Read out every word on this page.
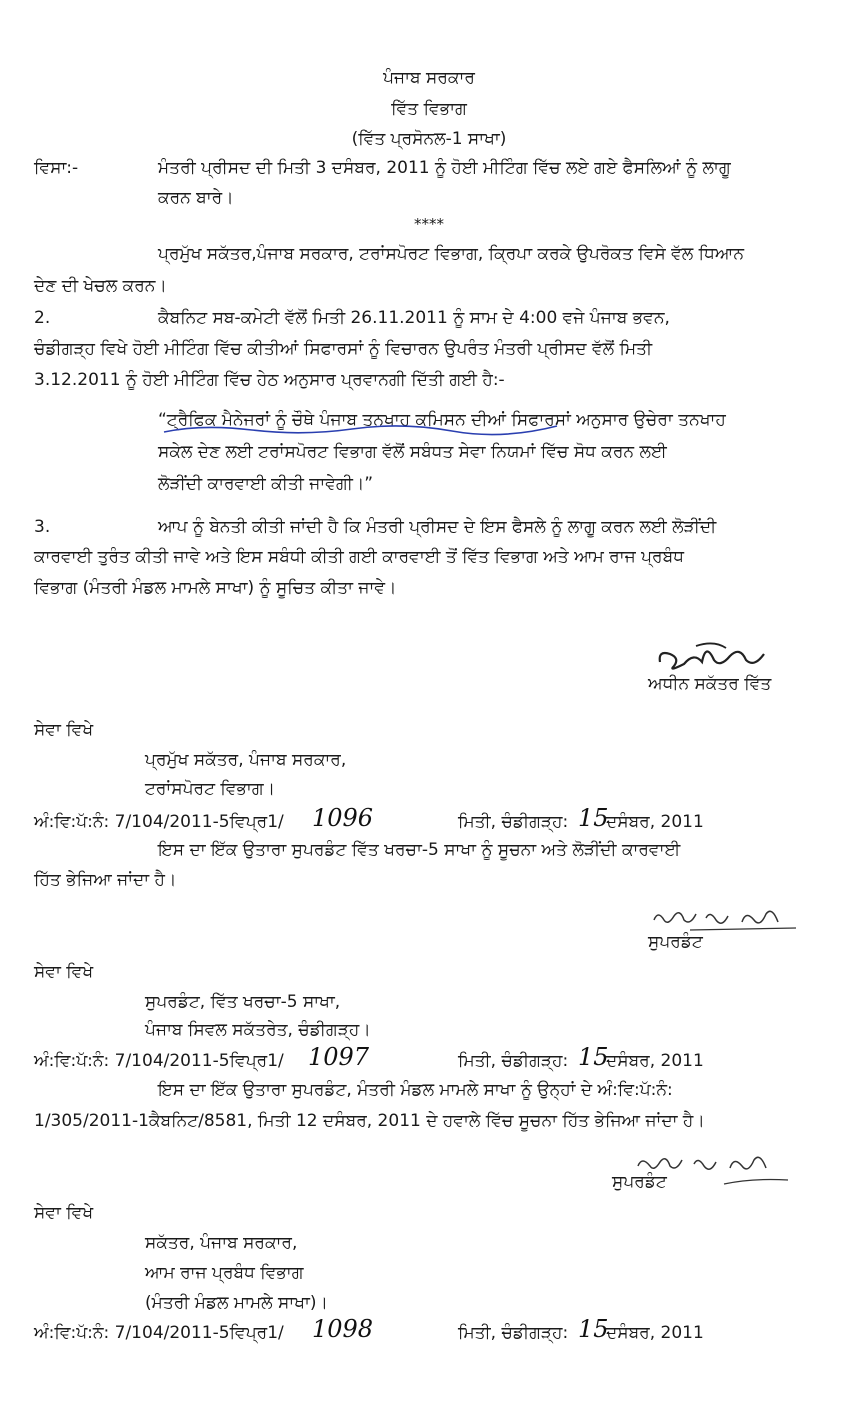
ਪੰਜਾਬ ਸਰਕਾਰ
ਵਿੱਤ ਵਿਭਾਗ
(ਵਿੱਤ ਪ੍ਰਸੋਨਲ-1 ਸਾਖਾ)
ਵਿਸਾ:-	ਮੰਤਰੀ ਪ੍ਰੀਸਦ ਦੀ ਮਿਤੀ 3 ਦਸੰਬਰ, 2011 ਨੂੰ ਹੋਈ ਮੀਟਿੰਗ ਵਿੱਚ ਲਏ ਗਏ ਫੈਸਲਿਆਂ ਨੂੰ ਲਾਗੂ
ਕਰਨ ਬਾਰੇ।
****
ਪ੍ਰਮੁੱਖ ਸਕੱਤਰ,ਪੰਜਾਬ ਸਰਕਾਰ, ਟਰਾਂਸਪੋਰਟ ਵਿਭਾਗ, ਕ੍ਰਿਪਾ ਕਰਕੇ ਉਪਰੋਕਤ ਵਿਸੇ ਵੱਲ ਧਿਆਨ
ਦੇਣ ਦੀ ਖੇਚਲ ਕਰਨ।
2.	ਕੈਬਨਿਟ ਸਬ-ਕਮੇਟੀ ਵੱਲੋਂ ਮਿਤੀ 26.11.2011 ਨੂੰ ਸਾਮ ਦੇ 4:00 ਵਜੇ ਪੰਜਾਬ ਭਵਨ,
ਚੰਡੀਗੜ੍ਹ ਵਿਖੇ ਹੋਈ ਮੀਟਿੰਗ ਵਿੱਚ ਕੀਤੀਆਂ ਸਿਫਾਰਸਾਂ ਨੂੰ ਵਿਚਾਰਨ ਉਪਰੰਤ ਮੰਤਰੀ ਪ੍ਰੀਸਦ ਵੱਲੋਂ ਮਿਤੀ
3.12.2011 ਨੂੰ ਹੋਈ ਮੀਟਿੰਗ ਵਿੱਚ ਹੇਠ ਅਨੁਸਾਰ ਪ੍ਰਵਾਨਗੀ ਦਿੱਤੀ ਗਈ ਹੈ:-
“ਟ੍ਰੈਫਿਕ ਮੈਨੇਜਰਾਂ ਨੂੰ ਚੌਥੇ ਪੰਜਾਬ ਤਨਖਾਹ ਕਮਿਸਨ ਦੀਆਂ ਸਿਫਾਰਸਾਂ ਅਨੁਸਾਰ ਉਚੇਰਾ ਤਨਖਾਹ
ਸਕੇਲ ਦੇਣ ਲਈ ਟਰਾਂਸਪੋਰਟ ਵਿਭਾਗ ਵੱਲੋਂ ਸਬੰਧਤ ਸੇਵਾ ਨਿਯਮਾਂ ਵਿੱਚ ਸੋਧ ਕਰਨ ਲਈ
ਲੋੜੀਂਦੀ ਕਾਰਵਾਈ ਕੀਤੀ ਜਾਵੇਗੀ।”
3.	ਆਪ ਨੂੰ ਬੇਨਤੀ ਕੀਤੀ ਜਾਂਦੀ ਹੈ ਕਿ ਮੰਤਰੀ ਪ੍ਰੀਸਦ ਦੇ ਇਸ ਫੈਸਲੇ ਨੂੰ ਲਾਗੂ ਕਰਨ ਲਈ ਲੋੜੀਂਦੀ
ਕਾਰਵਾਈ ਤੁਰੰਤ ਕੀਤੀ ਜਾਵੇ ਅਤੇ ਇਸ ਸਬੰਧੀ ਕੀਤੀ ਗਈ ਕਾਰਵਾਈ ਤੋਂ ਵਿੱਤ ਵਿਭਾਗ ਅਤੇ ਆਮ ਰਾਜ ਪ੍ਰਬੰਧ
ਵਿਭਾਗ (ਮੰਤਰੀ ਮੰਡਲ ਮਾਮਲੇ ਸਾਖਾ) ਨੂੰ ਸੂਚਿਤ ਕੀਤਾ ਜਾਵੇ।
ਅਧੀਨ ਸਕੱਤਰ ਵਿੱਤ
ਸੇਵਾ ਵਿਖੇ
ਪ੍ਰਮੁੱਖ ਸਕੱਤਰ, ਪੰਜਾਬ ਸਰਕਾਰ,
ਟਰਾਂਸਪੋਰਟ ਵਿਭਾਗ।
ਅੰ:ਵਿ:ਪੱ:ਨੰ: 7/104/2011-5ਵਿਪ੍ਰ1/ 1096	ਮਿਤੀ, ਚੰਡੀਗੜ੍ਹ: 15
ਦਸੰਬਰ, 2011
ਇਸ ਦਾ ਇੱਕ ਉਤਾਰਾ ਸੁਪਰਡੰਟ ਵਿੱਤ ਖਰਚਾ-5 ਸਾਖਾ ਨੂੰ ਸੂਚਨਾ ਅਤੇ ਲੋੜੀਂਦੀ ਕਾਰਵਾਈ
ਹਿੱਤ ਭੇਜਿਆ ਜਾਂਦਾ ਹੈ।
ਸੁਪਰਡੰਟ
ਸੇਵਾ ਵਿਖੇ
ਸੁਪਰਡੰਟ, ਵਿੱਤ ਖਰਚਾ-5 ਸਾਖਾ,
ਪੰਜਾਬ ਸਿਵਲ ਸਕੱਤਰੇਤ, ਚੰਡੀਗੜ੍ਹ।
ਅੰ:ਵਿ:ਪੱ:ਨੰ: 7/104/2011-5ਵਿਪ੍ਰ1/ 1097	ਮਿਤੀ, ਚੰਡੀਗੜ੍ਹ: 15
ਦਸੰਬਰ, 2011
ਇਸ ਦਾ ਇੱਕ ਉਤਾਰਾ ਸੁਪਰਡੰਟ, ਮੰਤਰੀ ਮੰਡਲ ਮਾਮਲੇ ਸਾਖਾ ਨੂੰ ਉਨ੍ਹਾਂ ਦੇ ਅੰ:ਵਿ:ਪੱ:ਨੰ:
1/305/2011-1ਕੈਬਨਿਟ/8581, ਮਿਤੀ 12 ਦਸੰਬਰ, 2011 ਦੇ ਹਵਾਲੇ ਵਿੱਚ ਸੂਚਨਾ ਹਿੱਤ ਭੇਜਿਆ ਜਾਂਦਾ ਹੈ।
ਸੁਪਰਡੰਟ
ਸੇਵਾ ਵਿਖੇ
ਸਕੱਤਰ, ਪੰਜਾਬ ਸਰਕਾਰ,
ਆਮ ਰਾਜ ਪ੍ਰਬੰਧ ਵਿਭਾਗ
(ਮੰਤਰੀ ਮੰਡਲ ਮਾਮਲੇ ਸਾਖਾ)।
ਅੰ:ਵਿ:ਪੱ:ਨੰ: 7/104/2011-5ਵਿਪ੍ਰ1/ 1098	ਮਿਤੀ, ਚੰਡੀਗੜ੍ਹ: 15
ਦਸੰਬਰ, 2011
